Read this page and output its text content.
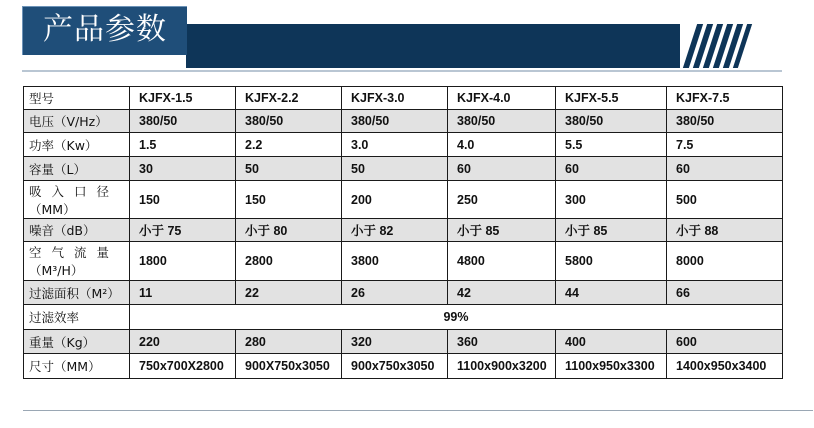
产品参数
型号	KJFX-1.5	KJFX-2.2	KJFX-3.0	KJFX-4.0	KJFX-5.5	KJFX-7.5
电压（V/Hz）	380/50	380/50	380/50	380/50	380/50	380/50
功率（Kw）	1.5	2.2	3.0	4.0	5.5	7.5
容量（L）	30	50	50	60	60	60

吸入口径
（MM）	150	150	200	250	300	500
噪音（dB）	小于 75	小于 80	小于 82	小于 85	小于 85	小于 88

空气流量
（M³/H）	1800	2800	3800	4800	5800	8000
过滤面积（M²）	11	22	26	42	44	66
过滤效率	99%					
重量（Kg）	220	280	320	360	400	600
尺寸（MM）	750x700X2800	900X750x3050	900x750x3050	1100x900x3200	1100x950x3300	1400x950x3400
